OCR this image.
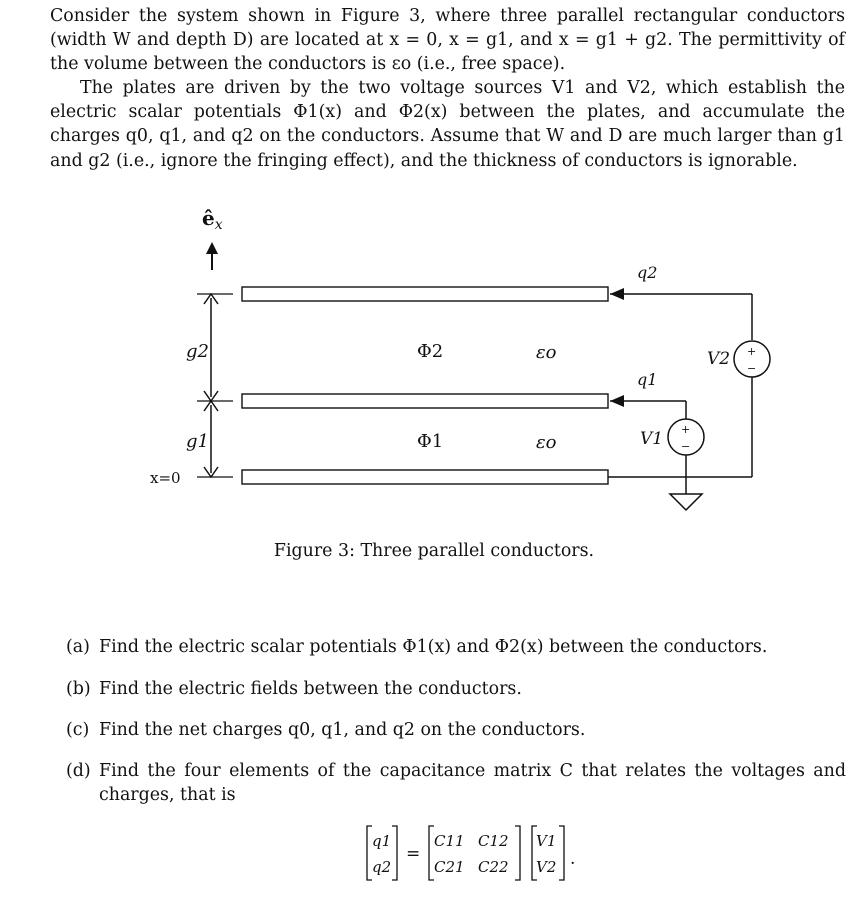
Consider the system shown in Figure 3, where three parallel rectangular conductors (width W and depth D) are located at x = 0, x = g1, and x = g1 + g2. The permittivity of the volume between the conductors is εo (i.e., free space).

The plates are driven by the two voltage sources V1 and V2, which establish the electric scalar potentials Φ1(x) and Φ2(x) between the plates, and accumulate the charges q0, q1, and q2 on the conductors. Assume that W and D are much larger than g1 and g2 (i.e., ignore the fringing effect), and the thickness of conductors is ignorable.

$ê_x$
g2
g1
x=0
Φ2
Φ1
εo
εo
+
−
V2
q2
+
−
V1
q1
Figure 3: Three parallel conductors.
(a) Find the electric scalar potentials Φ1(x) and Φ2(x) between the conductors.
(b) Find the electric fields between the conductors.
(c) Find the net charges q0, q1, and q2 on the conductors.
(d) Find the four elements of the capacitance matrix C that relates the voltages and charges, that is
q1
q2
=
C11 C12
C21 C22
V1
V2 .
